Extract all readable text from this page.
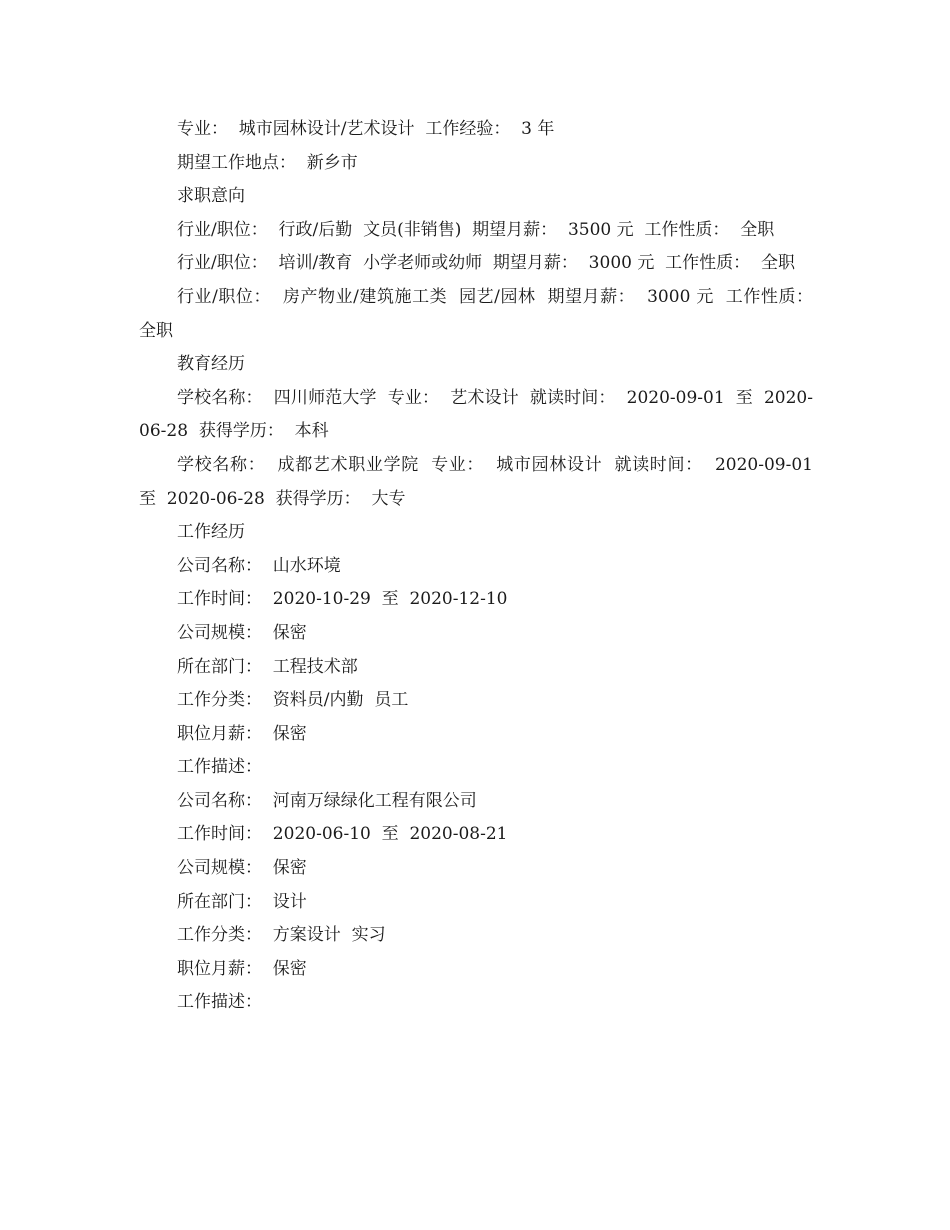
专业：  城市园林设计/艺术设计  工作经验：  3 年

期望工作地点：  新乡市

求职意向

行业/职位：  行政/后勤  文员(非销售)  期望月薪：  3500 元  工作性质：  全职

行业/职位：  培训/教育  小学老师或幼师  期望月薪：  3000 元  工作性质：  全职

行业/职位：  房产物业/建筑施工类  园艺/园林  期望月薪：  3000 元  工作性质：  全职

教育经历

学校名称：  四川师范大学  专业：  艺术设计  就读时间：  2020-09-01  至  2020-06-28  获得学历：  本科

学校名称：  成都艺术职业学院  专业：  城市园林设计  就读时间：  2020-09-01  至  2020-06-28  获得学历：  大专

工作经历

公司名称：  山水环境

工作时间：  2020-10-29  至  2020-12-10

公司规模：  保密

所在部门：  工程技术部

工作分类：  资料员/内勤  员工

职位月薪：  保密

工作描述：

公司名称：  河南万绿绿化工程有限公司

工作时间：  2020-06-10  至  2020-08-21

公司规模：  保密

所在部门：  设计

工作分类：  方案设计  实习

职位月薪：  保密

工作描述：
